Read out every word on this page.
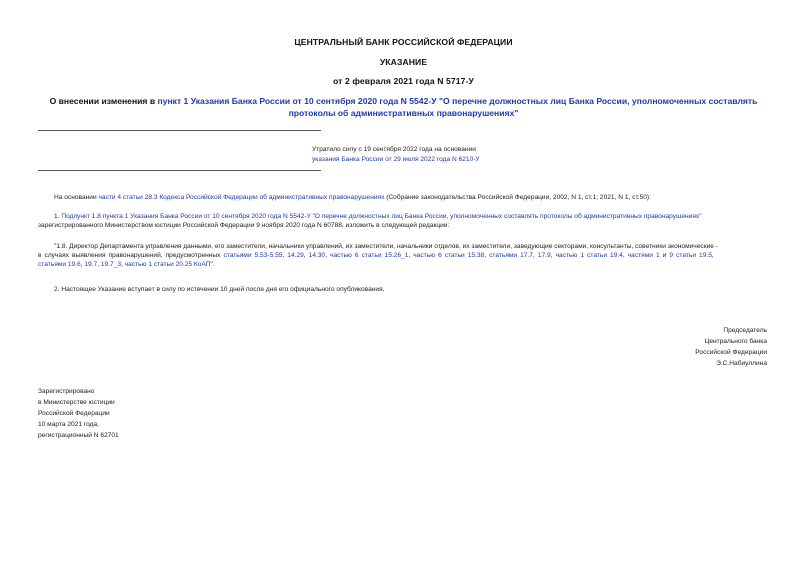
ЦЕНТРАЛЬНЫЙ БАНК РОССИЙСКОЙ ФЕДЕРАЦИИ
УКАЗАНИЕ
от 2 февраля 2021 года N 5717-У
О внесении изменения в пункт 1 Указания Банка России от 10 сентября 2020 года N 5542-У "О перечне должностных лиц Банка России, уполномоченных составлять
протоколы об административных правонарушениях"
Утратило силу с 19 сентября 2022 года на основании
указания Банка России от 29 июля 2022 года N 6210-У
На основании части 4 статьи 28.3 Кодекса Российской Федерации об административных правонарушениях (Собрание законодательства Российской Федерации, 2002, N 1, ст.1; 2021, N 1, ст.50):
1. Подпункт 1.8 пункта 1 Указания Банка России от 10 сентября 2020 года N 5542-У "О перечне должностных лиц Банка России, уполномоченных составлять протоколы об административных правонарушениях"
зарегистрированного Министерством юстиции Российской Федерации 9 ноября 2020 года N 60788, изложить в следующей редакции:
"1.8. Директор Департамента управления данными, его заместители, начальники управлений, их заместители, начальники отделов, их заместители, заведующие секторами, консультанты, советники экономические -
в случаях выявления правонарушений, предусмотренных статьями 5.53-5.55, 14.29, 14.30, частью 6 статьи 15.26_1, частью 6 статьи 15.38, статьями 17.7, 17.9, частью 1 статьи 19.4, частями 1 и 9 статьи 19.5,
статьями 19.6, 19.7, 19.7_3, частью 1 статьи 20.25 КоАП".
2. Настоящее Указание вступает в силу по истечении 10 дней после дня его официального опубликования.
Председатель
Центрального банка
Российской Федерации
Э.С.Набиуллина
Зарегистрировано
в Министерстве юстиции
Российской Федерации
10 марта 2021 года,
регистрационный N 62701
